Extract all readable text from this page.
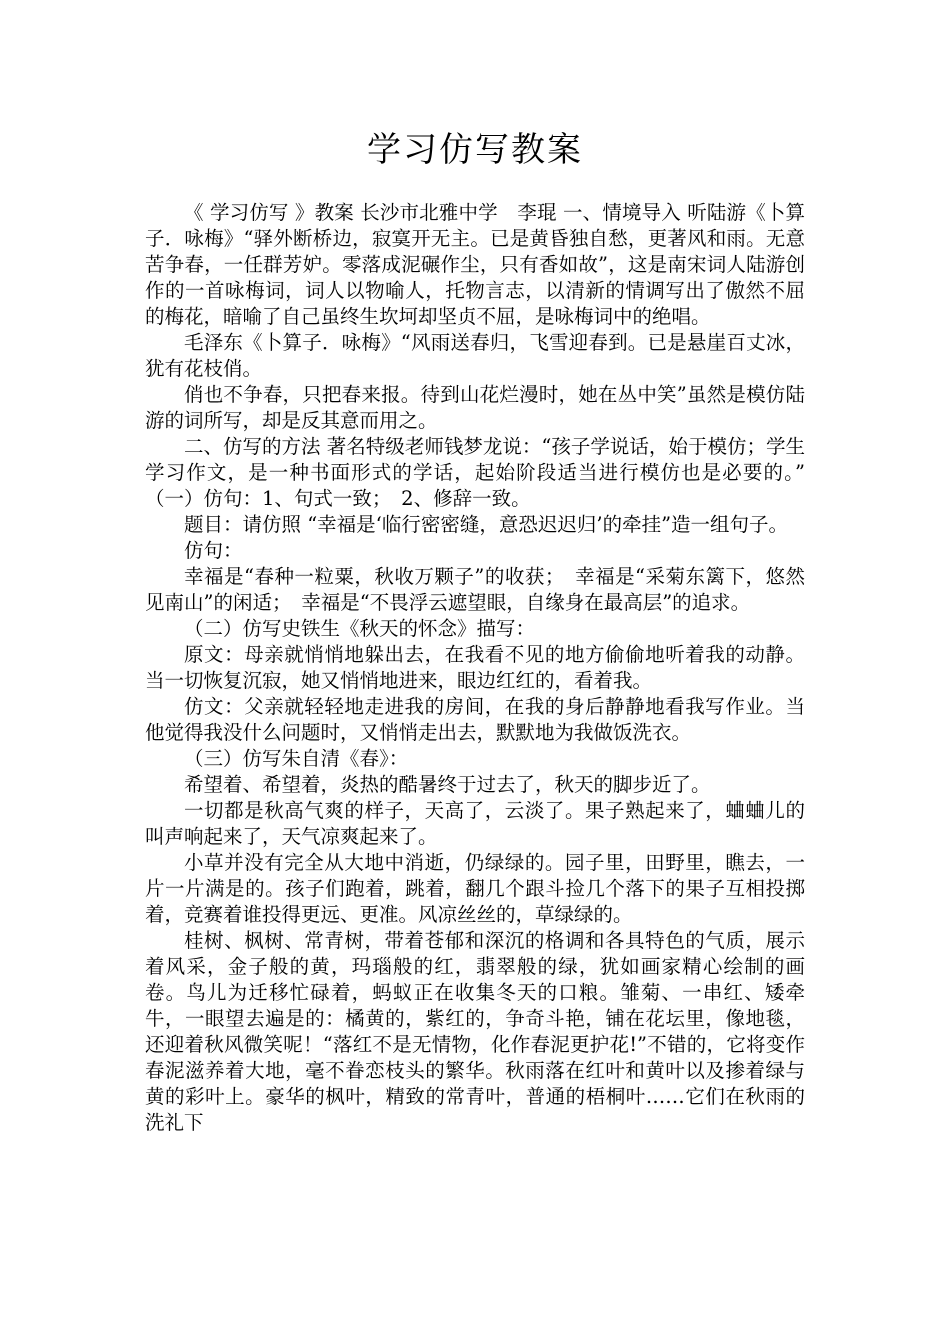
学习仿写教案

《 学习仿写 》教案 长沙市北雅中学　李琨 一、情境导入 听陆游《卜算子．咏梅》“驿外断桥边，寂寞开无主。已是黄昏独自愁，更著风和雨。无意苦争春，一任群芳妒。零落成泥碾作尘，只有香如故”，这是南宋词人陆游创作的一首咏梅词，词人以物喻人，托物言志，以清新的情调写出了傲然不屈的梅花，暗喻了自己虽终生坎坷却坚贞不屈，是咏梅词中的绝唱。

毛泽东《卜算子．咏梅》“风雨送春归，飞雪迎春到。已是悬崖百丈冰，犹有花枝俏。

俏也不争春，只把春来报。待到山花烂漫时，她在丛中笑”虽然是模仿陆游的词所写，却是反其意而用之。

二、仿写的方法 著名特级老师钱梦龙说：“孩子学说话，始于模仿；学生学习作文，是一种书面形式的学话，起始阶段适当进行模仿也是必要的。” （一）仿句：1、句式一致；　2、修辞一致。

题目：请仿照 “幸福是‘临行密密缝，意恐迟迟归’的牵挂”造一组句子。

仿句：

幸福是“春种一粒粟，秋收万颗子”的收获；　幸福是“采菊东篱下，悠然见南山”的闲适；　幸福是“不畏浮云遮望眼，自缘身在最高层”的追求。

（二）仿写史铁生《秋天的怀念》描写：

原文：母亲就悄悄地躲出去，在我看不见的地方偷偷地听着我的动静。当一切恢复沉寂，她又悄悄地进来，眼边红红的，看着我。

仿文：父亲就轻轻地走进我的房间，在我的身后静静地看我写作业。当他觉得我没什么问题时，又悄悄走出去，默默地为我做饭洗衣。

（三）仿写朱自清《春》：

希望着、希望着，炎热的酷暑终于过去了，秋天的脚步近了。

一切都是秋高气爽的样子，天高了，云淡了。果子熟起来了，蛐蛐儿的叫声响起来了，天气凉爽起来了。

小草并没有完全从大地中消逝，仍绿绿的。园子里，田野里，瞧去，一片一片满是的。孩子们跑着，跳着，翻几个跟斗捡几个落下的果子互相投掷着，竞赛着谁投得更远、更准。风凉丝丝的，草绿绿的。

桂树、枫树、常青树，带着苍郁和深沉的格调和各具特色的气质，展示着风采，金子般的黄，玛瑙般的红，翡翠般的绿，犹如画家精心绘制的画卷。鸟儿为迁移忙碌着，蚂蚁正在收集冬天的口粮。雏菊、一串红、矮牵牛，一眼望去遍是的：橘黄的，紫红的，争奇斗艳，铺在花坛里，像地毯，还迎着秋风微笑呢！“落红不是无情物，化作春泥更护花!”不错的，它将变作春泥滋养着大地，毫不眷恋枝头的繁华。秋雨落在红叶和黄叶以及掺着绿与黄的彩叶上。豪华的枫叶，精致的常青叶，普通的梧桐叶……它们在秋雨的洗礼下
